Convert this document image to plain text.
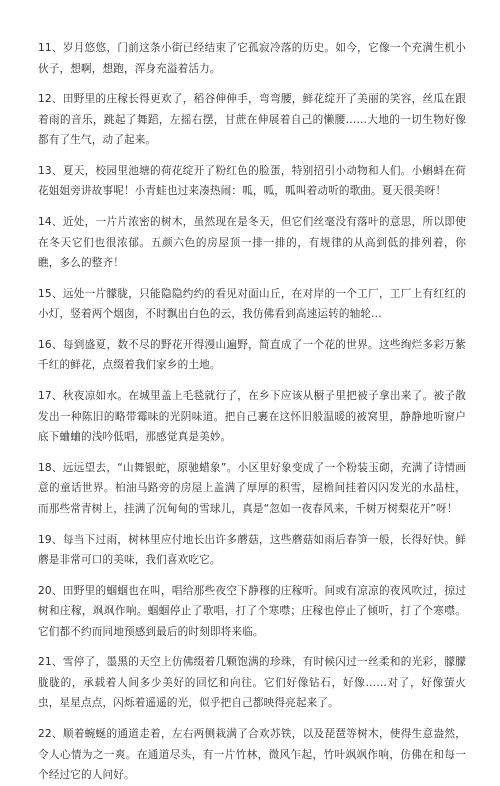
11、岁月悠悠，门前这条小街已经结束了它孤寂冷落的历史。如今，它像一个充满生机小伙子，想啊，想跑，浑身充溢着活力。

12、田野里的庄稼长得更欢了，稻谷伸伸手，弯弯腰，鲜花绽开了美丽的笑容，丝瓜在跟着雨的音乐，跳起了舞蹈，左摇右摆，甘蔗在伸展着自己的懒腰……大地的一切生物好像都有了生气，动了起来。

13、夏天，校园里池塘的荷花绽开了粉红色的脸蛋，特别招引小动物和人们。小蝌蚪在荷花姐姐旁讲故事呢！小青蛙也过来凑热闹：呱，呱，呱叫着动听的歌曲。夏天很美呀！

14、近处，一片片浓密的树木，虽然现在是冬天，但它们丝毫没有落叶的意思，所以即使在冬天它们也很浓郁。五颜六色的房屋顶一排一排的，有规律的从高到低的排列着，你瞧，多么的整齐！

15、远处一片朦胧，只能隐隐约约的看见对面山丘，在对岸的一个工厂，工厂上有红红的小灯，竖着两个烟囱，不时飘出白色的云，我仿佛看到高速运转的轴轮…

16、每到盛夏，数不尽的野花开得漫山遍野，简直成了一个花的世界。这些绚烂多彩万紫千红的鲜花，点缀着我们家乡的土地。

17、秋夜凉如水。在城里盖上毛毯就行了，在乡下应该从橱子里把被子拿出来了。被子散发出一种陈旧的略带霉味的光阴味道。把自己裹在这怀旧般温暖的被窝里，静静地听窗户底下蛐蛐的浅吟低唱，那感觉真是美妙。

18、远远望去，“山舞银蛇，原驰蜡象”。小区里好象变成了一个粉装玉砌，充满了诗情画意的童话世界。柏油马路旁的房屋上盖满了厚厚的积雪，屋檐间挂着闪闪发光的水晶柱，而那些常青树上，挂满了沉甸甸的雪球儿，真是“忽如一夜春风来，千树万树梨花开”呀！

19、每当下过雨，树林里应付地长出许多蘑菇，这些蘑菇如雨后春笋一般，长得好快。鲜蘑是非常可口的美味，我们喜欢吃它。

20、田野里的蝈蝈也在叫，唱给那些夜空下静穆的庄稼听。间或有凉凉的夜风吹过，掠过树和庄稼，飒飒作响。蝈蝈停止了歌唱，打了个寒噤；庄稼也停止了倾听，打了个寒噤。它们都不约而同地预感到最后的时刻即将来临。

21、雪停了，墨黑的天空上仿佛缀着几颗饱满的珍珠，有时候闪过一丝柔和的光彩，朦朦胧胧的，承载着人间多少美好的回忆和向往。它们好像钻石，好像……对了，好像萤火虫，星星点点，闪烁着遥遥的光，似乎把自己都映得亮起来了。

22、顺着蜿蜒的通道走着，左右两侧栽满了合欢苏铁，以及琵琶等树木，使得生意盎然，令人心情为之一爽。在通道尽头，有一片竹林，微风乍起，竹叶飒飒作响，仿佛在和每一个经过它的人问好。
